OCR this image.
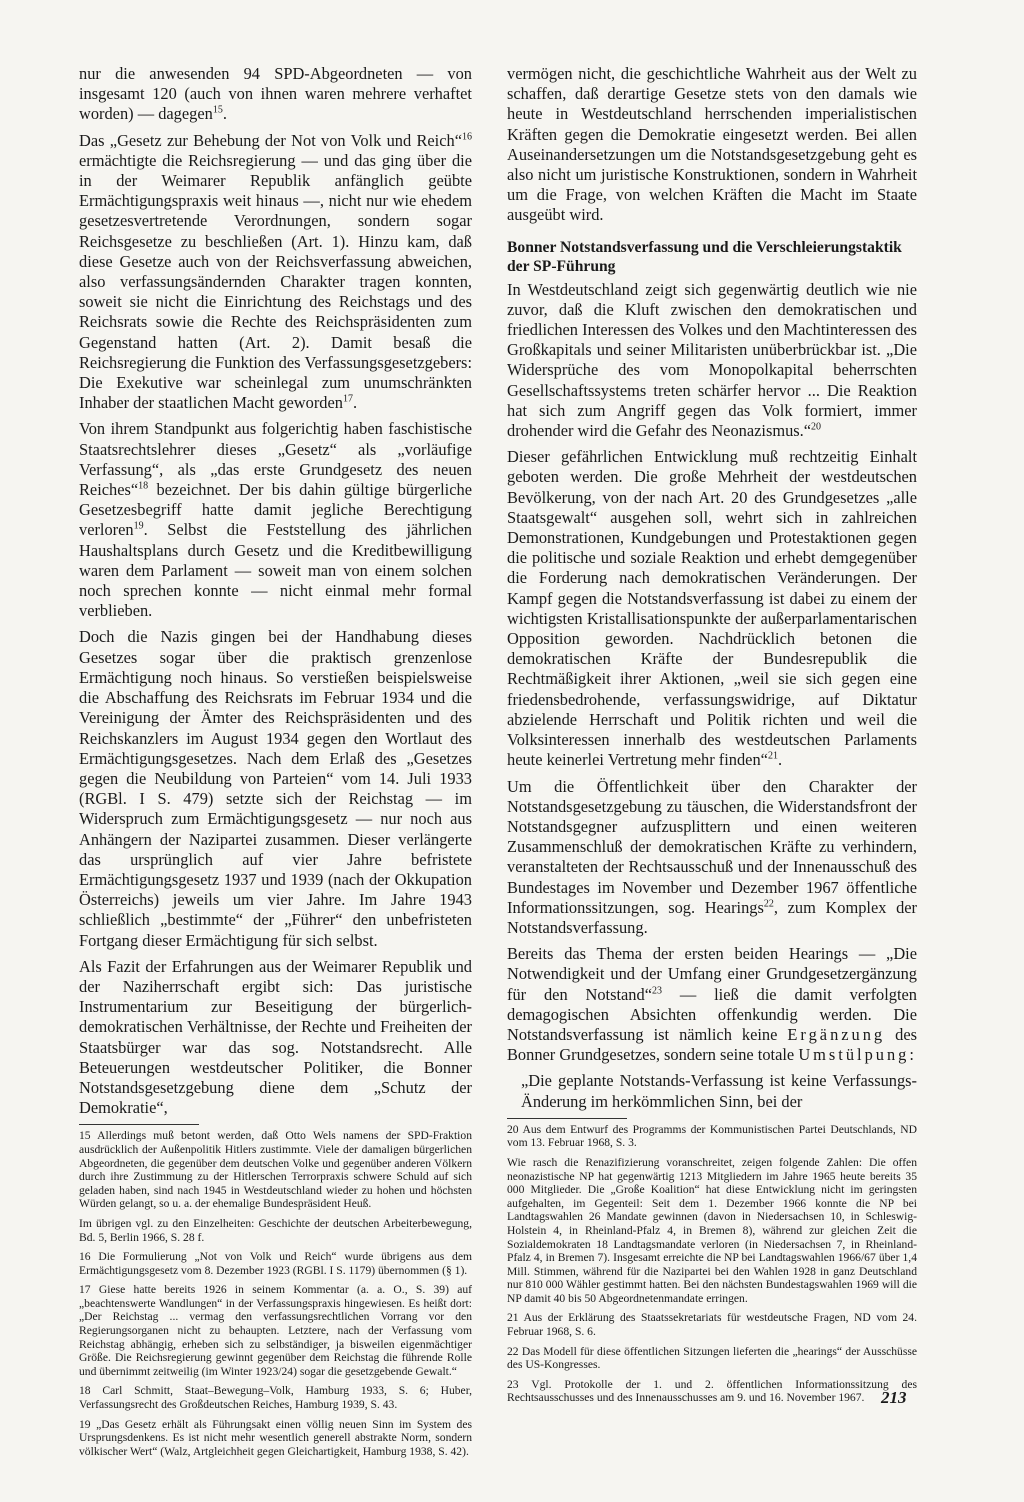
nur die anwesenden 94 SPD-Abgeordneten — von insgesamt 120 (auch von ihnen waren mehrere verhaftet worden) — dagegen$^{15}$.

Das „Gesetz zur Behebung der Not von Volk und Reich“$^{16}$ ermächtigte die Reichsregierung — und das ging über die in der Weimarer Republik anfänglich geübte Ermächtigungspraxis weit hinaus —, nicht nur wie ehedem gesetzesvertretende Verordnungen, sondern sogar Reichsgesetze zu beschließen (Art. 1). Hinzu kam, daß diese Gesetze auch von der Reichsverfassung abweichen, also verfassungsändernden Charakter tragen konnten, soweit sie nicht die Einrichtung des Reichstags und des Reichsrats sowie die Rechte des Reichspräsidenten zum Gegenstand hatten (Art. 2). Damit besaß die Reichsregierung die Funktion des Verfassungsgesetzgebers: Die Exekutive war scheinlegal zum unumschränkten Inhaber der staatlichen Macht geworden$^{17}$.

Von ihrem Standpunkt aus folgerichtig haben faschistische Staatsrechtslehrer dieses „Gesetz“ als „vorläufige Verfassung“, als „das erste Grundgesetz des neuen Reiches“$^{18}$ bezeichnet. Der bis dahin gültige bürgerliche Gesetzesbegriff hatte damit jegliche Berechtigung verloren$^{19}$. Selbst die Feststellung des jährlichen Haushaltsplans durch Gesetz und die Kreditbewilligung waren dem Parlament — soweit man von einem solchen noch sprechen konnte — nicht einmal mehr formal verblieben.

Doch die Nazis gingen bei der Handhabung dieses Gesetzes sogar über die praktisch grenzenlose Ermächtigung noch hinaus. So verstießen beispielsweise die Abschaffung des Reichsrats im Februar 1934 und die Vereinigung der Ämter des Reichspräsidenten und des Reichskanzlers im August 1934 gegen den Wortlaut des Ermächtigungsgesetzes. Nach dem Erlaß des „Gesetzes gegen die Neubildung von Parteien“ vom 14. Juli 1933 (RGBl. I S. 479) setzte sich der Reichstag — im Widerspruch zum Ermächtigungsgesetz — nur noch aus Anhängern der Nazipartei zusammen. Dieser verlängerte das ursprünglich auf vier Jahre befristete Ermächtigungsgesetz 1937 und 1939 (nach der Okkupation Österreichs) jeweils um vier Jahre. Im Jahre 1943 schließlich „bestimmte“ der „Führer“ den unbefristeten Fortgang dieser Ermächtigung für sich selbst.

Als Fazit der Erfahrungen aus der Weimarer Republik und der Naziherrschaft ergibt sich: Das juristische Instrumentarium zur Beseitigung der bürgerlich-demokratischen Verhältnisse, der Rechte und Freiheiten der Staatsbürger war das sog. Notstandsrecht. Alle Beteuerungen westdeutscher Politiker, die Bonner Notstandsgesetzgebung diene dem „Schutz der Demokratie“,

15 Allerdings muß betont werden, daß Otto Wels namens der SPD-Fraktion ausdrücklich der Außenpolitik Hitlers zustimmte. Viele der damaligen bürgerlichen Abgeordneten, die gegenüber dem deutschen Volke und gegenüber anderen Völkern durch ihre Zustimmung zu der Hitlerschen Terrorpraxis schwere Schuld auf sich geladen haben, sind nach 1945 in Westdeutschland wieder zu hohen und höchsten Würden gelangt, so u. a. der ehemalige Bundespräsident Heuß.

Im übrigen vgl. zu den Einzelheiten: Geschichte der deutschen Arbeiterbewegung, Bd. 5, Berlin 1966, S. 28 f.

16 Die Formulierung „Not von Volk und Reich“ wurde übrigens aus dem Ermächtigungsgesetz vom 8. Dezember 1923 (RGBl. I S. 1179) übernommen (§ 1).

17 Giese hatte bereits 1926 in seinem Kommentar (a. a. O., S. 39) auf „beachtenswerte Wandlungen“ in der Verfassungspraxis hingewiesen. Es heißt dort: „Der Reichstag ... vermag den verfassungsrechtlichen Vorrang vor den Regierungsorganen nicht zu behaupten. Letztere, nach der Verfassung vom Reichstag abhängig, erheben sich zu selbständiger, ja bisweilen eigenmächtiger Größe. Die Reichsregierung gewinnt gegenüber dem Reichstag die führende Rolle und übernimmt zeitweilig (im Winter 1923/24) sogar die gesetzgebende Gewalt.“

18 Carl Schmitt, Staat–Bewegung–Volk, Hamburg 1933, S. 6; Huber, Verfassungsrecht des Großdeutschen Reiches, Hamburg 1939, S. 43.

19 „Das Gesetz erhält als Führungsakt einen völlig neuen Sinn im System des Ursprungsdenkens. Es ist nicht mehr wesentlich generell abstrakte Norm, sondern völkischer Wert“ (Walz, Artgleichheit gegen Gleichartigkeit, Hamburg 1938, S. 42).

vermögen nicht, die geschichtliche Wahrheit aus der Welt zu schaffen, daß derartige Gesetze stets von den damals wie heute in Westdeutschland herrschenden imperialistischen Kräften gegen die Demokratie eingesetzt werden. Bei allen Auseinandersetzungen um die Notstandsgesetzgebung geht es also nicht um juristische Konstruktionen, sondern in Wahrheit um die Frage, von welchen Kräften die Macht im Staate ausgeübt wird.

Bonner Notstandsverfassung und die Verschleierungstaktik der SP-Führung

In Westdeutschland zeigt sich gegenwärtig deutlich wie nie zuvor, daß die Kluft zwischen den demokratischen und friedlichen Interessen des Volkes und den Machtinteressen des Großkapitals und seiner Militaristen unüberbrückbar ist. „Die Widersprüche des vom Monopolkapital beherrschten Gesellschaftssystems treten schärfer hervor ... Die Reaktion hat sich zum Angriff gegen das Volk formiert, immer drohender wird die Gefahr des Neonazismus.“$^{20}$

Dieser gefährlichen Entwicklung muß rechtzeitig Einhalt geboten werden. Die große Mehrheit der westdeutschen Bevölkerung, von der nach Art. 20 des Grundgesetzes „alle Staatsgewalt“ ausgehen soll, wehrt sich in zahlreichen Demonstrationen, Kundgebungen und Protestaktionen gegen die politische und soziale Reaktion und erhebt demgegenüber die Forderung nach demokratischen Veränderungen. Der Kampf gegen die Notstandsverfassung ist dabei zu einem der wichtigsten Kristallisationspunkte der außerparlamentarischen Opposition geworden. Nachdrücklich betonen die demokratischen Kräfte der Bundesrepublik die Rechtmäßigkeit ihrer Aktionen, „weil sie sich gegen eine friedensbedrohende, verfassungswidrige, auf Diktatur abzielende Herrschaft und Politik richten und weil die Volksinteressen innerhalb des westdeutschen Parlaments heute keinerlei Vertretung mehr finden“$^{21}$.

Um die Öffentlichkeit über den Charakter der Notstandsgesetzgebung zu täuschen, die Widerstandsfront der Notstandsgegner aufzusplittern und einen weiteren Zusammenschluß der demokratischen Kräfte zu verhindern, veranstalteten der Rechtsausschuß und der Innenausschuß des Bundestages im November und Dezember 1967 öffentliche Informationssitzungen, sog. Hearings$^{22}$, zum Komplex der Notstandsverfassung.

Bereits das Thema der ersten beiden Hearings — „Die Notwendigkeit und der Umfang einer Grundgesetzergänzung für den Notstand“$^{23}$ — ließ die damit verfolgten demagogischen Absichten offenkundig werden. Die Notstandsverfassung ist nämlich keine Ergänzung des Bonner Grundgesetzes, sondern seine totale Umstülpung:

„Die geplante Notstands-Verfassung ist keine Verfassungs-Änderung im herkömmlichen Sinn, bei der

20 Aus dem Entwurf des Programms der Kommunistischen Partei Deutschlands, ND vom 13. Februar 1968, S. 3.

Wie rasch die Renazifizierung voranschreitet, zeigen folgende Zahlen: Die offen neonazistische NP hat gegenwärtig 1213 Mitgliedern im Jahre 1965 heute bereits 35 000 Mitglieder. Die „Große Koalition“ hat diese Entwicklung nicht im geringsten aufgehalten, im Gegenteil: Seit dem 1. Dezember 1966 konnte die NP bei Landtagswahlen 26 Mandate gewinnen (davon in Niedersachsen 10, in Schleswig-Holstein 4, in Rheinland-Pfalz 4, in Bremen 8), während zur gleichen Zeit die Sozialdemokraten 18 Landtagsmandate verloren (in Niedersachsen 7, in Rheinland-Pfalz 4, in Bremen 7). Insgesamt erreichte die NP bei Landtagswahlen 1966/67 über 1,4 Mill. Stimmen, während für die Nazipartei bei den Wahlen 1928 in ganz Deutschland nur 810 000 Wähler gestimmt hatten. Bei den nächsten Bundestagswahlen 1969 will die NP damit 40 bis 50 Abgeordnetenmandate erringen.

21 Aus der Erklärung des Staatssekretariats für westdeutsche Fragen, ND vom 24. Februar 1968, S. 6.

22 Das Modell für diese öffentlichen Sitzungen lieferten die „hearings“ der Ausschüsse des US-Kongresses.

23 Vgl. Protokolle der 1. und 2. öffentlichen Informationssitzung des Rechtsausschusses und des Innenausschusses am 9. und 16. November 1967. 213
